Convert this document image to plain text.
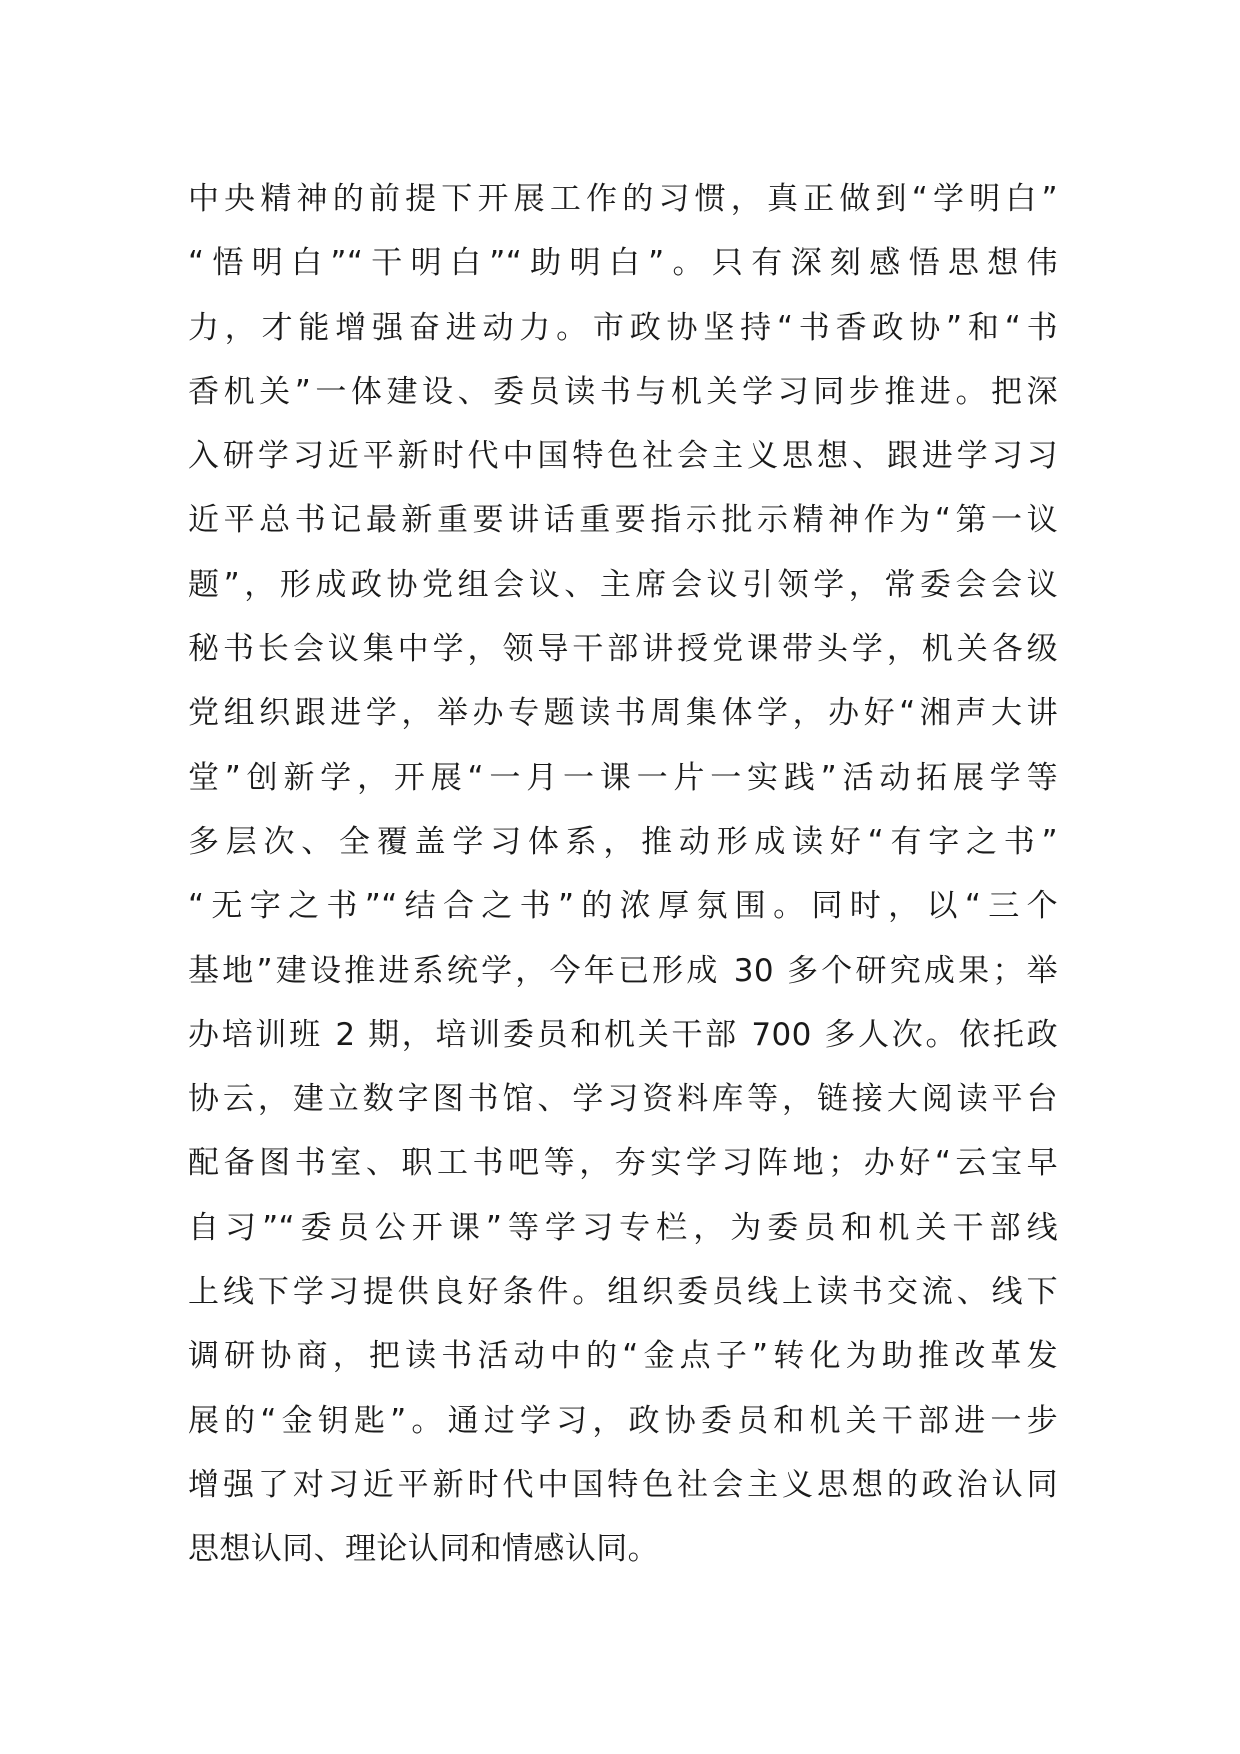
中央精神的前提下开展工作的习惯，真正做到“学明白”
“悟明白”“干明白”“助明白”。只有深刻感悟思想伟
力，才能增强奋进动力。市政协坚持“书香政协”和“书
香机关”一体建设、委员读书与机关学习同步推进。把深
入研学习近平新时代中国特色社会主义思想、跟进学习习
近平总书记最新重要讲话重要指示批示精神作为“第一议
题”，形成政协党组会议、主席会议引领学，常委会会议
秘书长会议集中学，领导干部讲授党课带头学，机关各级
党组织跟进学，举办专题读书周集体学，办好“湘声大讲
堂”创新学，开展“一月一课一片一实践”活动拓展学等
多层次、全覆盖学习体系，推动形成读好“有字之书”
“无字之书”“结合之书”的浓厚氛围。同时，以“三个
基地”建设推进系统学，今年已形成 30 多个研究成果；举
办培训班 2 期，培训委员和机关干部 700 多人次。依托政
协云，建立数字图书馆、学习资料库等，链接大阅读平台
配备图书室、职工书吧等，夯实学习阵地；办好“云宝早
自习”“委员公开课”等学习专栏，为委员和机关干部线
上线下学习提供良好条件。组织委员线上读书交流、线下
调研协商，把读书活动中的“金点子”转化为助推改革发
展的“金钥匙”。通过学习，政协委员和机关干部进一步
增强了对习近平新时代中国特色社会主义思想的政治认同
思想认同、理论认同和情感认同。
